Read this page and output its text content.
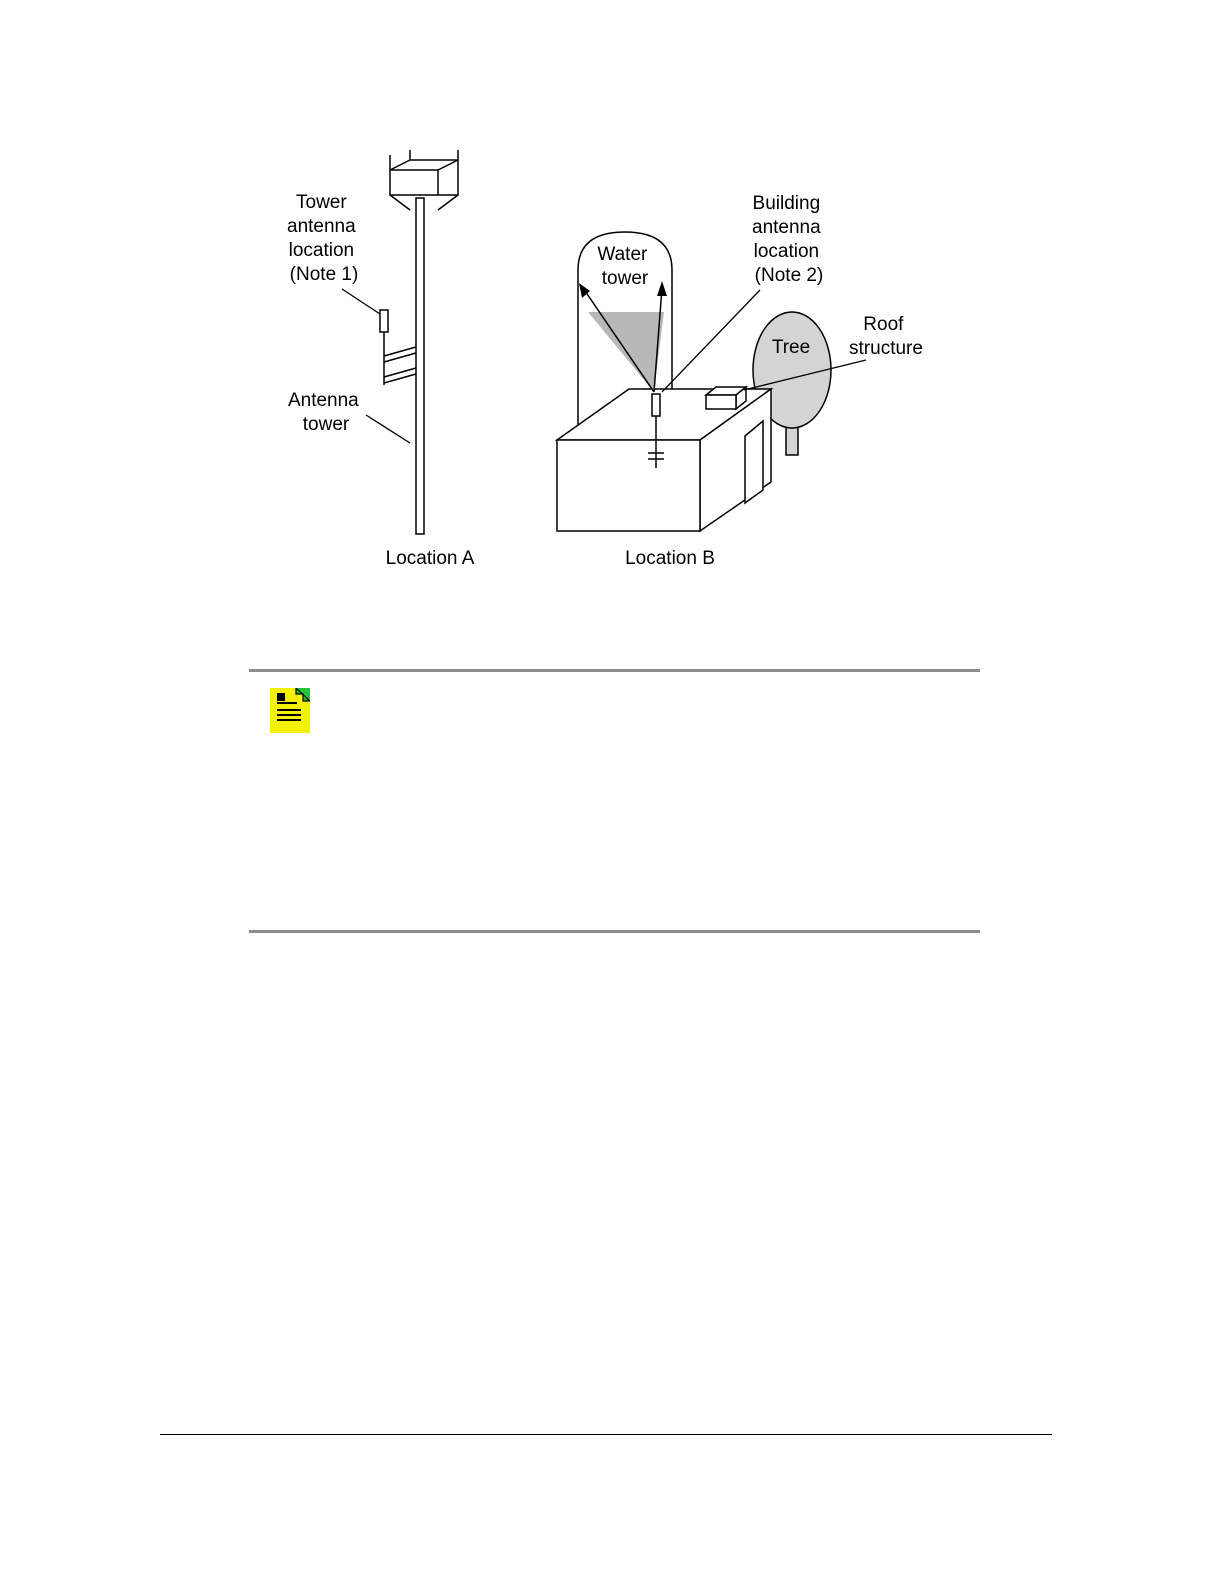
Tower antenna location (Note 1)
Antenna tower
Location A
Water tower
Building antenna location (Note 2)
Tree
Roof structure
Location B
